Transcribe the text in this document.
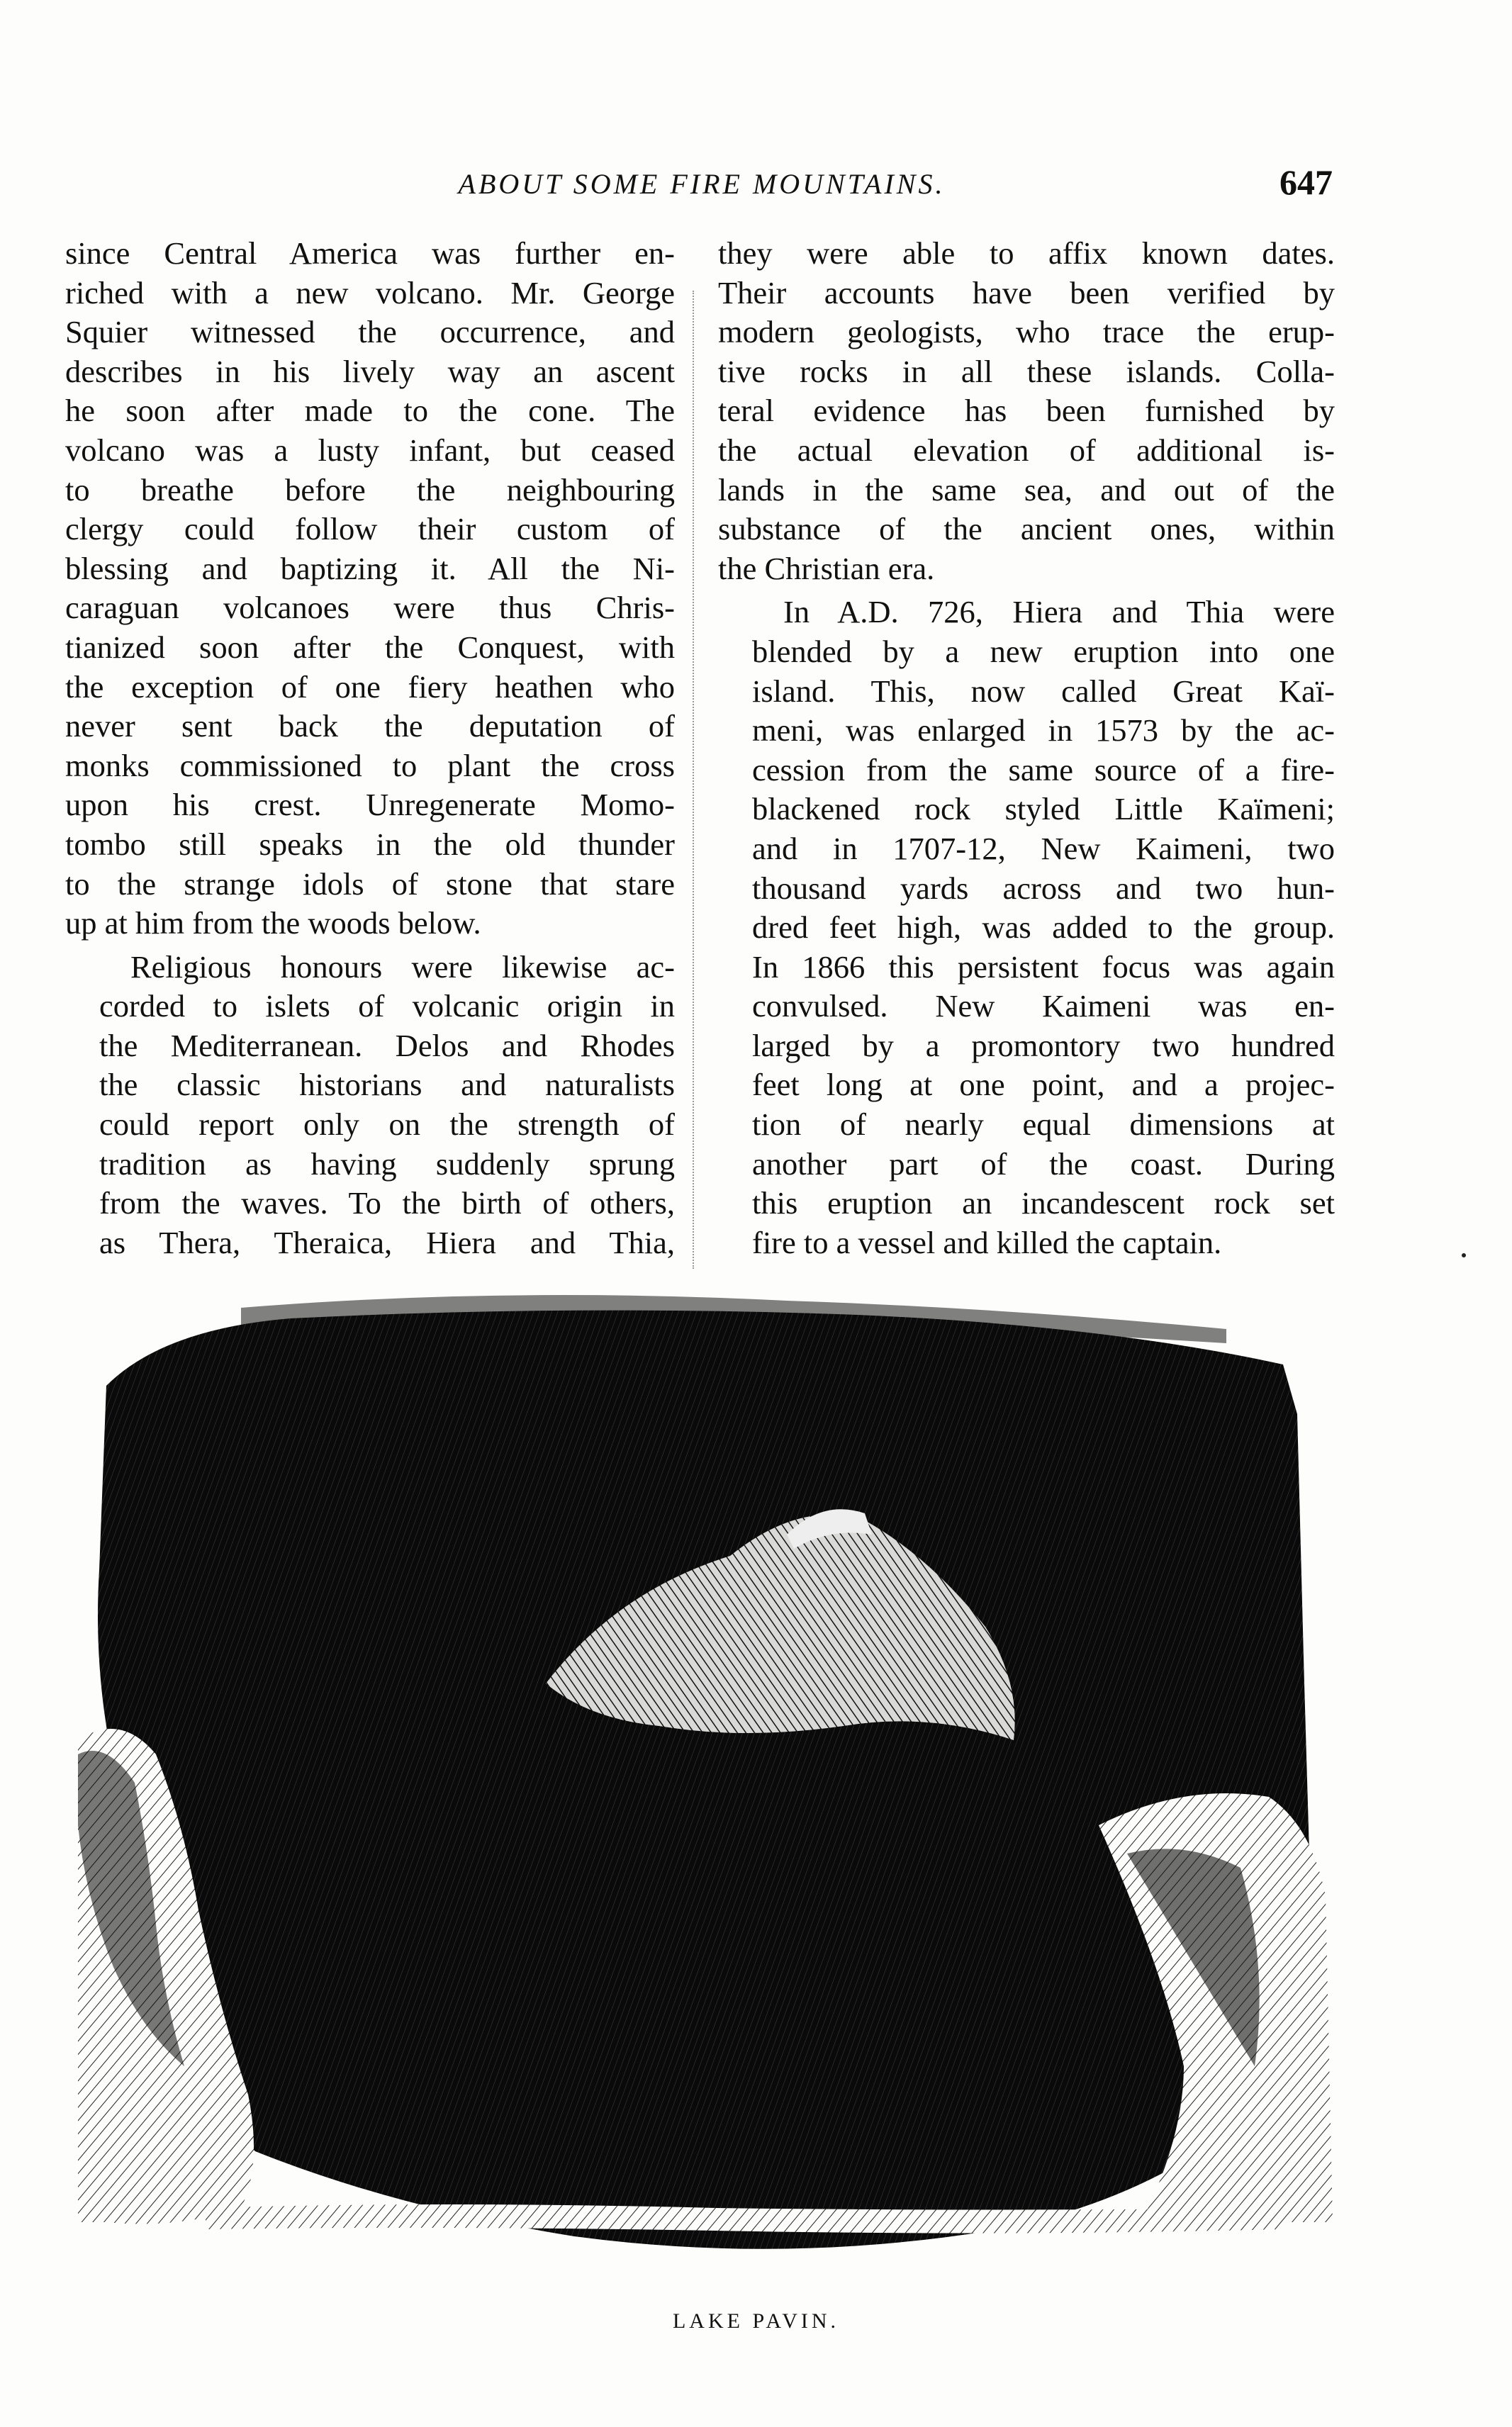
ABOUT SOME FIRE MOUNTAINS.	647

since Central America was further en-
riched with a new volcano. Mr. George
Squier witnessed the occurrence, and
describes in his lively way an ascent
he soon after made to the cone. The
volcano was a lusty infant, but ceased
to breathe before the neighbouring
clergy could follow their custom of
blessing and baptizing it. All the Ni-
caraguan volcanoes were thus Chris-
tianized soon after the Conquest, with
the exception of one fiery heathen who
never sent back the deputation of
monks commissioned to plant the cross
upon his crest. Unregenerate Momo-
tombo still speaks in the old thunder
to the strange idols of stone that stare
up at him from the woods below.

Religious honours were likewise ac-
corded to islets of volcanic origin in
the Mediterranean. Delos and Rhodes
the classic historians and naturalists
could report only on the strength of
tradition as having suddenly sprung
from the waves. To the birth of others,
as Thera, Theraica, Hiera and Thia,

they were able to affix known dates.
Their accounts have been verified by
modern geologists, who trace the erup-
tive rocks in all these islands. Colla-
teral evidence has been furnished by
the actual elevation of additional is-
lands in the same sea, and out of the
substance of the ancient ones, within
the Christian era.

In A.D. 726, Hiera and Thia were
blended by a new eruption into one
island. This, now called Great Kaï-
meni, was enlarged in 1573 by the ac-
cession from the same source of a fire-
blackened rock styled Little Kaïmeni;
and in 1707-12, New Kaimeni, two
thousand yards across and two hun-
dred feet high, was added to the group.
In 1866 this persistent focus was again
convulsed. New Kaimeni was en-
larged by a promontory two hundred
feet long at one point, and a projec-
tion of nearly equal dimensions at
another part of the coast. During
this eruption an incandescent rock set
fire to a vessel and killed the captain.

LAKE PAVIN.
